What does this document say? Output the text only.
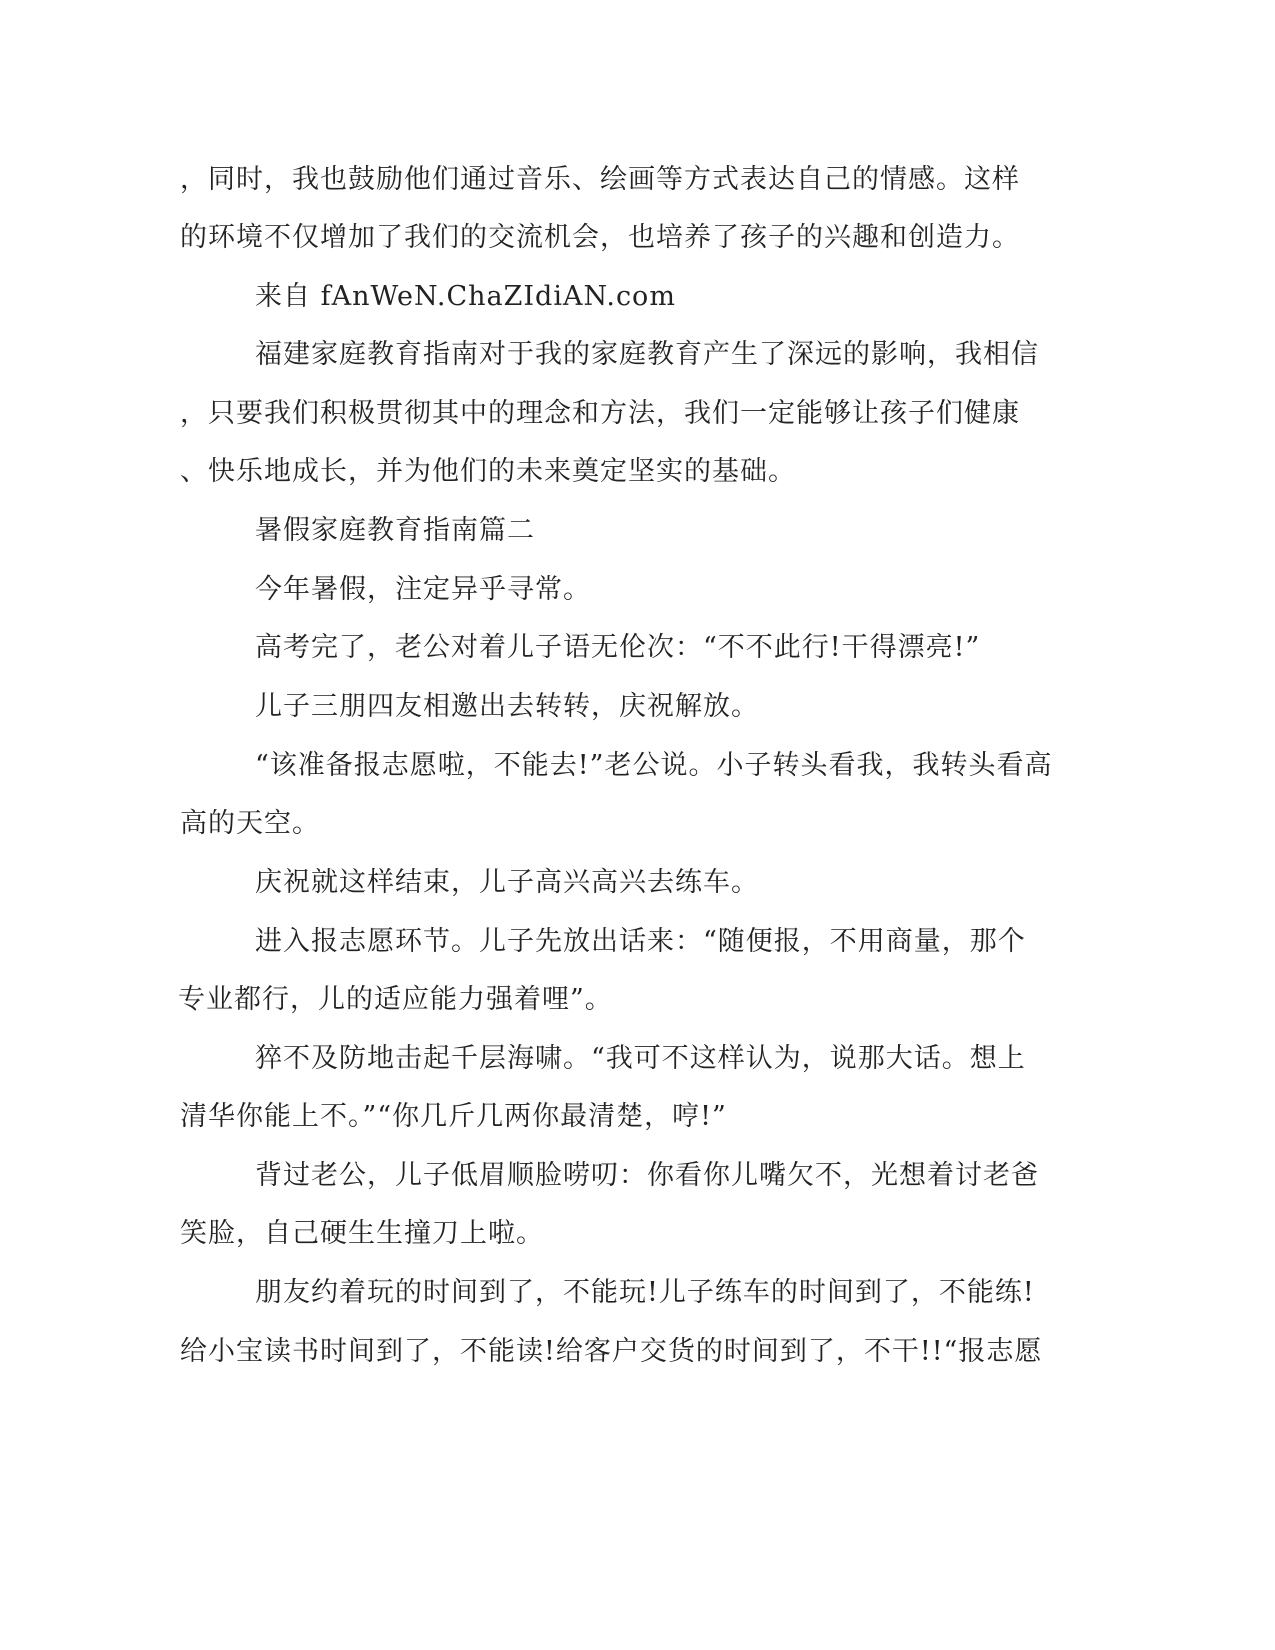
，同时，我也鼓励他们通过音乐、绘画等方式表达自己的情感。这样
的环境不仅增加了我们的交流机会，也培养了孩子的兴趣和创造力。
来自 fAnWeN.ChaZIdiAN.com
福建家庭教育指南对于我的家庭教育产生了深远的影响，我相信
，只要我们积极贯彻其中的理念和方法，我们一定能够让孩子们健康
、快乐地成长，并为他们的未来奠定坚实的基础。
暑假家庭教育指南篇二
今年暑假，注定异乎寻常。
高考完了，老公对着儿子语无伦次：“不不此行!干得漂亮!”
儿子三朋四友相邀出去转转，庆祝解放。
“该准备报志愿啦，不能去!”老公说。小子转头看我，我转头看高
高的天空。
庆祝就这样结束，儿子高兴高兴去练车。
进入报志愿环节。儿子先放出话来：“随便报，不用商量，那个
专业都行，儿的适应能力强着哩”。
猝不及防地击起千层海啸。“我可不这样认为，说那大话。想上
清华你能上不。”“你几斤几两你最清楚，哼!”
背过老公，儿子低眉顺脸唠叨：你看你儿嘴欠不，光想着讨老爸
笑脸，自己硬生生撞刀上啦。
朋友约着玩的时间到了，不能玩!儿子练车的时间到了，不能练!
给小宝读书时间到了，不能读!给客户交货的时间到了，不干!!“报志愿
